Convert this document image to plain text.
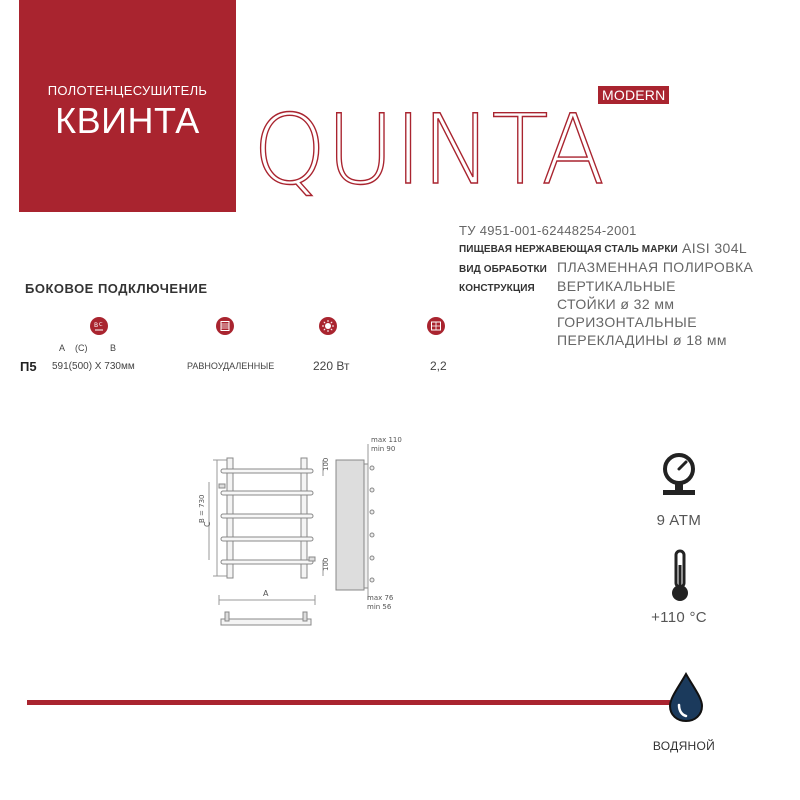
ПОЛОТЕНЦЕСУШИТЕЛЬ
КВИНТА
MODERN
QUINTA
ТУ 4951-001-62448254-2001
ПИЩЕВАЯ НЕРЖАВЕЮЩАЯ СТАЛЬ МАРКИ AISI 304L
ВИД ОБРАБОТКИ ПЛАЗМЕННАЯ ПОЛИРОВКА
КОНСТРУКЦИЯ ВЕРТИКАЛЬНЫЕ
СТОЙКИ ø 32 мм
ГОРИЗОНТАЛЬНЫЕ
ПЕРЕКЛАДИНЫ ø 18 мм
БОКОВОЕ ПОДКЛЮЧЕНИЕ
B C
A (C)	B
П5 591(500) Х 730мм	РАВНОУДАЛЕННЫЕ	220 Вт	2,2
B = 730
C
A
100
100
max 110
min 90
max 76
min 56
9 ATM
+110 °C
ВОДЯНОЙ
